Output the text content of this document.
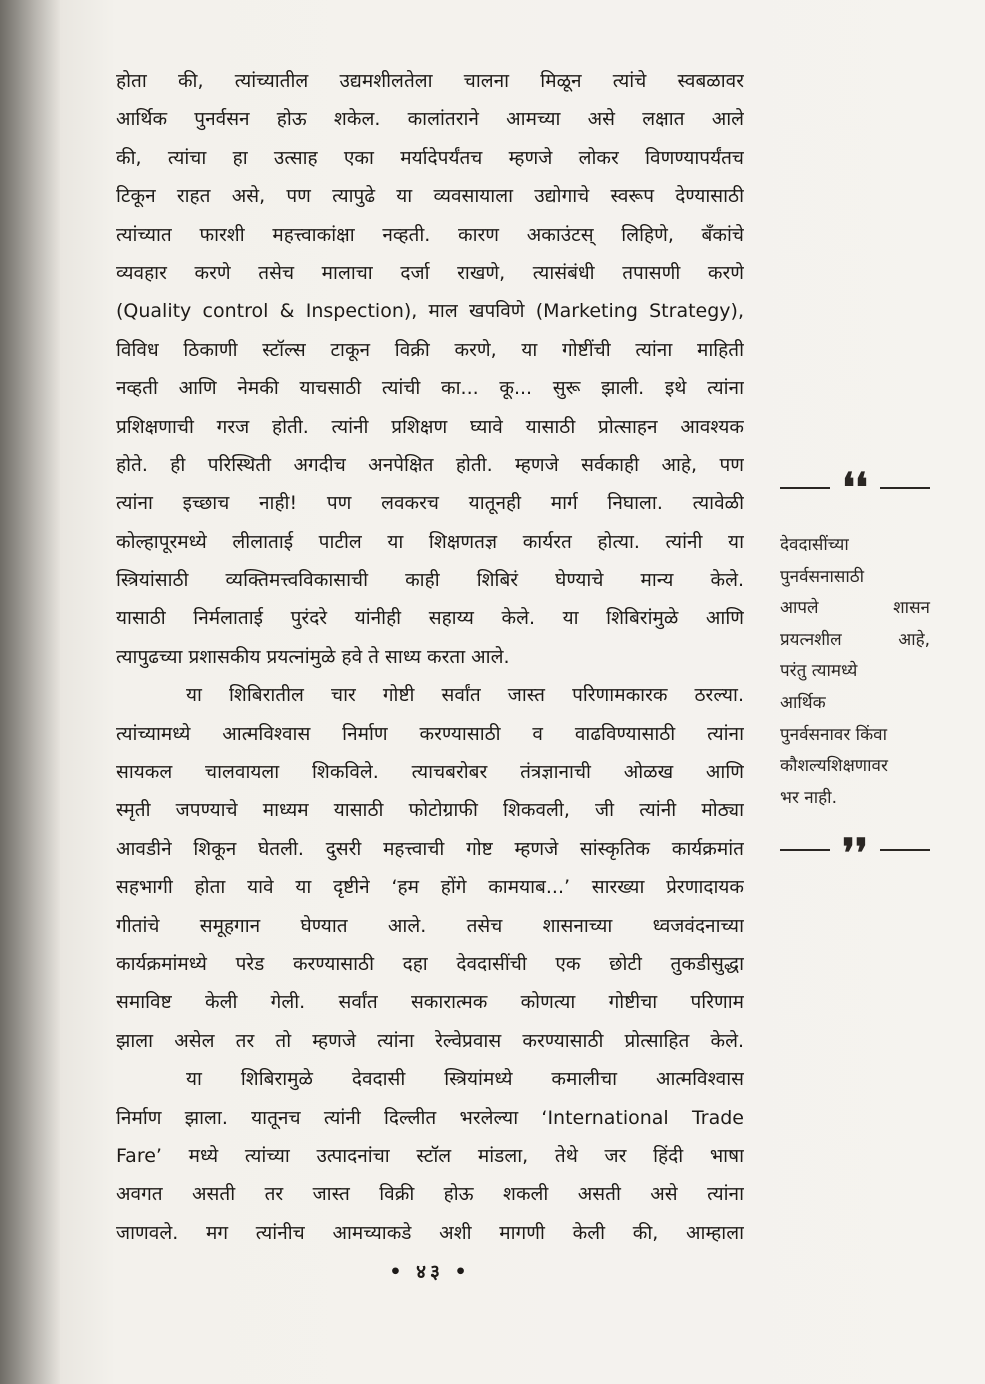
होता की, त्यांच्यातील उद्यमशीलतेला चालना मिळून त्यांचे स्वबळावर
आर्थिक पुनर्वसन होऊ शकेल. कालांतराने आमच्या असे लक्षात आले
की, त्यांचा हा उत्साह एका मर्यादेपर्यंतच म्हणजे लोकर विणण्यापर्यंतच
टिकून राहत असे, पण त्यापुढे या व्यवसायाला उद्योगाचे स्वरूप देण्यासाठी
त्यांच्यात फारशी महत्त्वाकांक्षा नव्हती. कारण अकाउंटस् लिहिणे, बँकांचे
व्यवहार करणे तसेच मालाचा दर्जा राखणे, त्यासंबंधी तपासणी करणे
(Quality control & Inspection), माल खपविणे (Marketing Strategy),
विविध ठिकाणी स्टॉल्स टाकून विक्री करणे, या गोष्टींची त्यांना माहिती
नव्हती आणि नेमकी याचसाठी त्यांची का... कू... सुरू झाली. इथे त्यांना
प्रशिक्षणाची गरज होती. त्यांनी प्रशिक्षण घ्यावे यासाठी प्रोत्साहन आवश्यक
होते. ही परिस्थिती अगदीच अनपेक्षित होती. म्हणजे सर्वकाही आहे, पण
त्यांना इच्छाच नाही! पण लवकरच यातूनही मार्ग निघाला. त्यावेळी
कोल्हापूरमध्ये लीलाताई पाटील या शिक्षणतज्ञ कार्यरत होत्या. त्यांनी या
स्त्रियांसाठी व्यक्तिमत्त्वविकासाची काही शिबिरं घेण्याचे मान्य केले.
यासाठी निर्मलाताई पुरंदरे यांनीही सहाय्य केले. या शिबिरांमुळे आणि
त्यापुढच्या प्रशासकीय प्रयत्नांमुळे हवे ते साध्य करता आले.
या शिबिरातील चार गोष्टी सर्वांत जास्त परिणामकारक ठरल्या.
त्यांच्यामध्ये आत्मविश्वास निर्माण करण्यासाठी व वाढविण्यासाठी त्यांना
सायकल चालवायला शिकविले. त्याचबरोबर तंत्रज्ञानाची ओळख आणि
स्मृती जपण्याचे माध्यम यासाठी फोटोग्राफी शिकवली, जी त्यांनी मोठ्या
आवडीने शिकून घेतली. दुसरी महत्त्वाची गोष्ट म्हणजे सांस्कृतिक कार्यक्रमांत
सहभागी होता यावे या दृष्टीने ‘हम होंगे कामयाब...’ सारख्या प्रेरणादायक
गीतांचे समूहगान घेण्यात आले. तसेच शासनाच्या ध्वजवंदनाच्या
कार्यक्रमांमध्ये परेड करण्यासाठी दहा देवदासींची एक छोटी तुकडीसुद्धा
समाविष्ट केली गेली. सर्वांत सकारात्मक कोणत्या गोष्टीचा परिणाम
झाला असेल तर तो म्हणजे त्यांना रेल्वेप्रवास करण्यासाठी प्रोत्साहित केले.
या शिबिरामुळे देवदासी स्त्रियांमध्ये कमालीचा आत्मविश्वास
निर्माण झाला. यातूनच त्यांनी दिल्लीत भरलेल्या ‘International Trade
Fare’ मध्ये त्यांच्या उत्पादनांचा स्टॉल मांडला, तेथे जर हिंदी भाषा
अवगत असती तर जास्त विक्री होऊ शकली असती असे त्यांना
जाणवले. मग त्यांनीच आमच्याकडे अशी मागणी केली की, आम्हाला
❛❛
देवदासींच्या
पुनर्वसनासाठी
आपले शासन
प्रयत्नशील आहे,
परंतु त्यामध्ये
आर्थिक
पुनर्वसनावर किंवा
कौशल्यशिक्षणावर
भर नाही.
❜❜
• ४३ •
